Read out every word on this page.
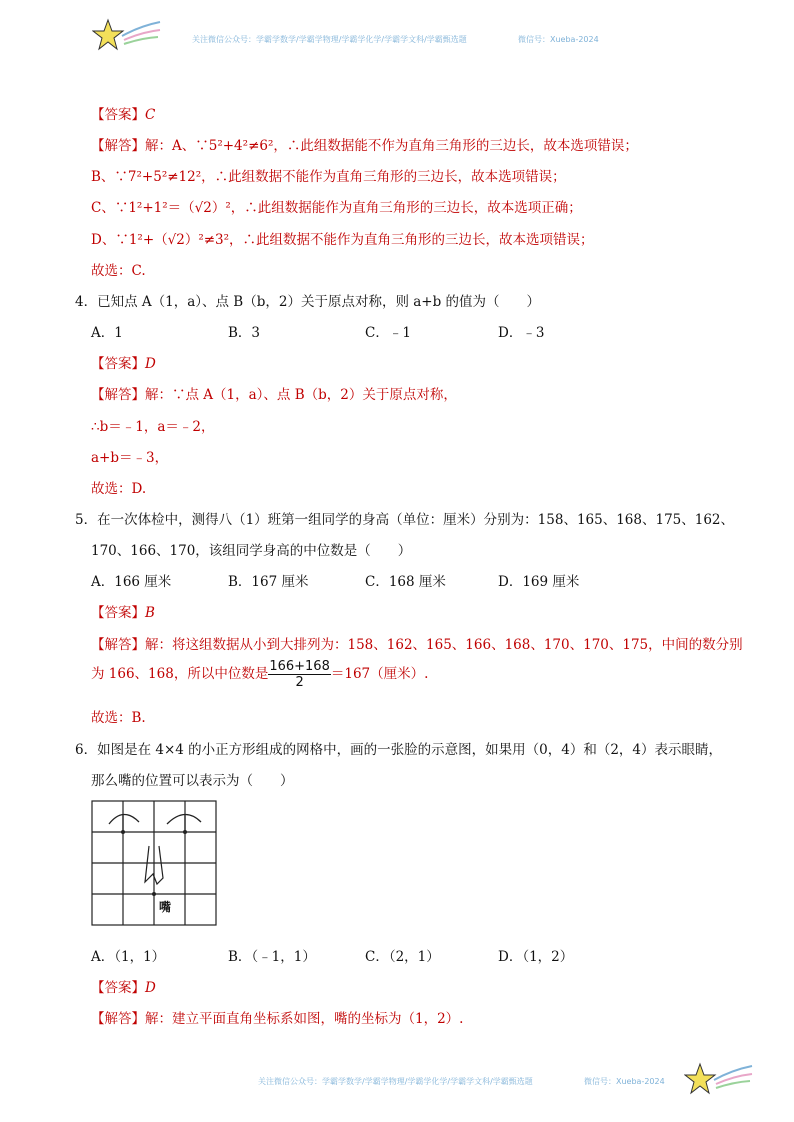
关注微信公众号：学霸学数学/学霸学物理/学霸学化学/学霸学文科/学霸甄选题	微信号：Xueba-2024
【答案】C
【解答】解：A、∵5²+4²≠6²，∴此组数据能不作为直角三角形的三边长，故本选项错误；
B、∵7²+5²≠12²，∴此组数据不能作为直角三角形的三边长，故本选项错误；
C、∵1²+1²＝（√2）²，∴此组数据能作为直角三角形的三边长，故本选项正确；
D、∵1²+（√2）²≠3²，∴此组数据不能作为直角三角形的三边长，故本选项错误；
故选：C.
4．已知点 A（1，a）、点 B（b，2）关于原点对称，则 a+b 的值为（　　）
A．1	B．3	C．﹣1	D．﹣3
【答案】D
【解答】解：∵点 A（1，a）、点 B（b，2）关于原点对称，
∴b＝﹣1，a＝﹣2，
a+b＝﹣3，
故选：D.
5．在一次体检中，测得八（1）班第一组同学的身高（单位：厘米）分别为：158、165、168、175、162、
170、166、170，该组同学身高的中位数是（　　）
A．166 厘米	B．167 厘米	C．168 厘米	D．169 厘米
【答案】B
【解答】解：将这组数据从小到大排列为：158、162、165、166、168、170、170、175，中间的数分别
为 166、168，所以中位数是 $\frac{166+168}{2} =167$（厘米）.
故选：B.
6．如图是在 4×4 的小正方形组成的网格中，画的一张脸的示意图，如果用（0，4）和（2，4）表示眼睛，
那么嘴的位置可以表示为（　　）
嘴
A．（1，1）	B．（﹣1，1）	C．（2，1）	D．（1，2）
【答案】D
【解答】解：建立平面直角坐标系如图，嘴的坐标为（1，2）.
关注微信公众号：学霸学数学/学霸学物理/学霸学化学/学霸学文科/学霸甄选题	微信号：Xueba-2024
